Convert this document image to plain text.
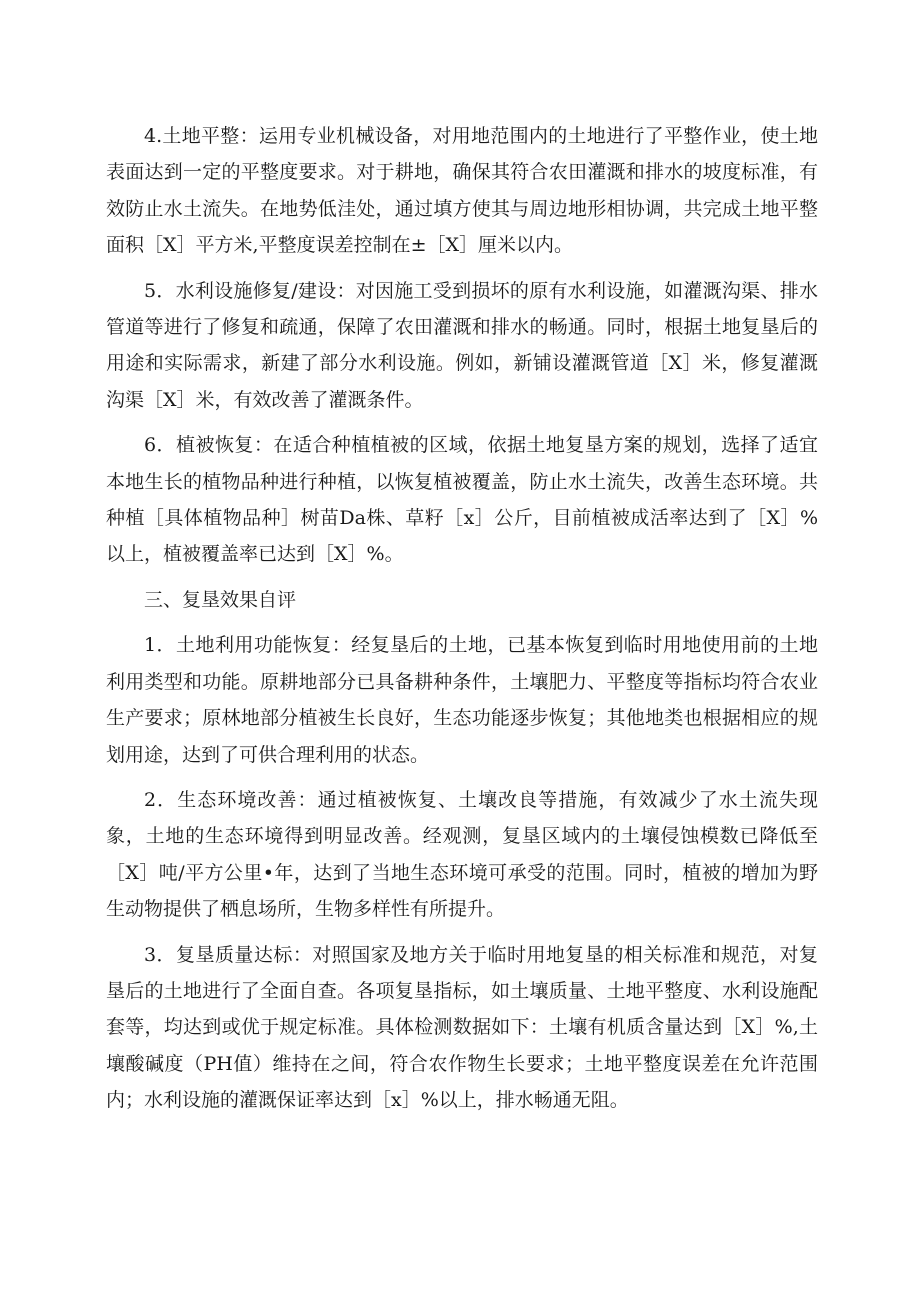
4.土地平整：运用专业机械设备，对用地范围内的土地进行了平整作业，使土地表面达到一定的平整度要求。对于耕地，确保其符合农田灌溉和排水的坡度标准，有效防止水土流失。在地势低洼处，通过填方使其与周边地形相协调，共完成土地平整面积［X］平方米,平整度误差控制在±［X］厘米以内。

5．水利设施修复/建设：对因施工受到损坏的原有水利设施，如灌溉沟渠、排水管道等进行了修复和疏通，保障了农田灌溉和排水的畅通。同时，根据土地复垦后的用途和实际需求，新建了部分水利设施。例如，新铺设灌溉管道［X］米，修复灌溉沟渠［X］米，有效改善了灌溉条件。

6．植被恢复：在适合种植植被的区域，依据土地复垦方案的规划，选择了适宜本地生长的植物品种进行种植，以恢复植被覆盖，防止水土流失，改善生态环境。共种植［具体植物品种］树苗Da株、草籽［x］公斤，目前植被成活率达到了［X］%以上，植被覆盖率已达到［X］%。

三、复垦效果自评

1．土地利用功能恢复：经复垦后的土地，已基本恢复到临时用地使用前的土地利用类型和功能。原耕地部分已具备耕种条件，土壤肥力、平整度等指标均符合农业生产要求；原林地部分植被生长良好，生态功能逐步恢复；其他地类也根据相应的规划用途，达到了可供合理利用的状态。

2．生态环境改善：通过植被恢复、土壤改良等措施，有效减少了水土流失现象，土地的生态环境得到明显改善。经观测，复垦区域内的土壤侵蚀模数已降低至［X］吨/平方公里•年，达到了当地生态环境可承受的范围。同时，植被的增加为野生动物提供了栖息场所，生物多样性有所提升。

3．复垦质量达标：对照国家及地方关于临时用地复垦的相关标准和规范，对复垦后的土地进行了全面自查。各项复垦指标，如土壤质量、土地平整度、水利设施配套等，均达到或优于规定标准。具体检测数据如下：土壤有机质含量达到［X］%,土壤酸碱度（PH值）维持在之间，符合农作物生长要求；土地平整度误差在允许范围内；水利设施的灌溉保证率达到［x］%以上，排水畅通无阻。
